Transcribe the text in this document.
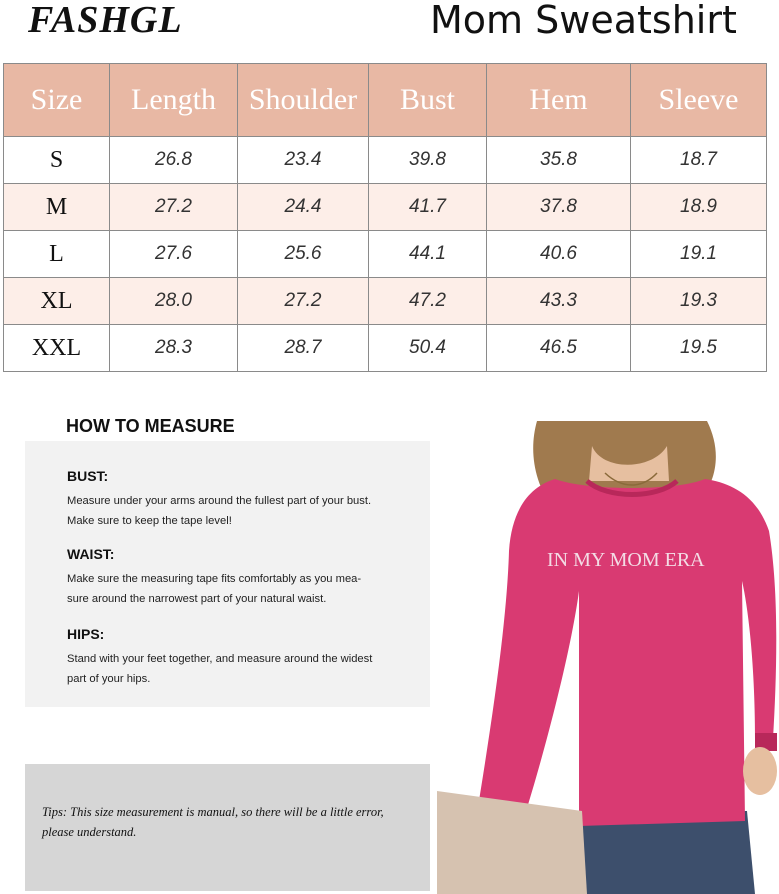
FASHGL	Mom Sweatshirt
Size	Length	Shoulder	Bust	Hem	Sleeve
S	26.8	23.4	39.8	35.8	18.7
M	27.2	24.4	41.7	37.8	18.9
L	27.6	25.6	44.1	40.6	19.1
XL	28.0	27.2	47.2	43.3	19.3
XXL	28.3	28.7	50.4	46.5	19.5
HOW TO MEASURE
BUST:
Measure under your arms around the fullest part of your bust.
Make sure to keep the tape level!
WAIST:
Make sure the measuring tape fits comfortably as you mea-
sure around the narrowest part of your natural waist.
HIPS:
Stand with your feet together, and measure around the widest
part of your hips.
Tips: This size measurement is manual, so there will be a little error,
please understand.
IN MY MOM ERA
